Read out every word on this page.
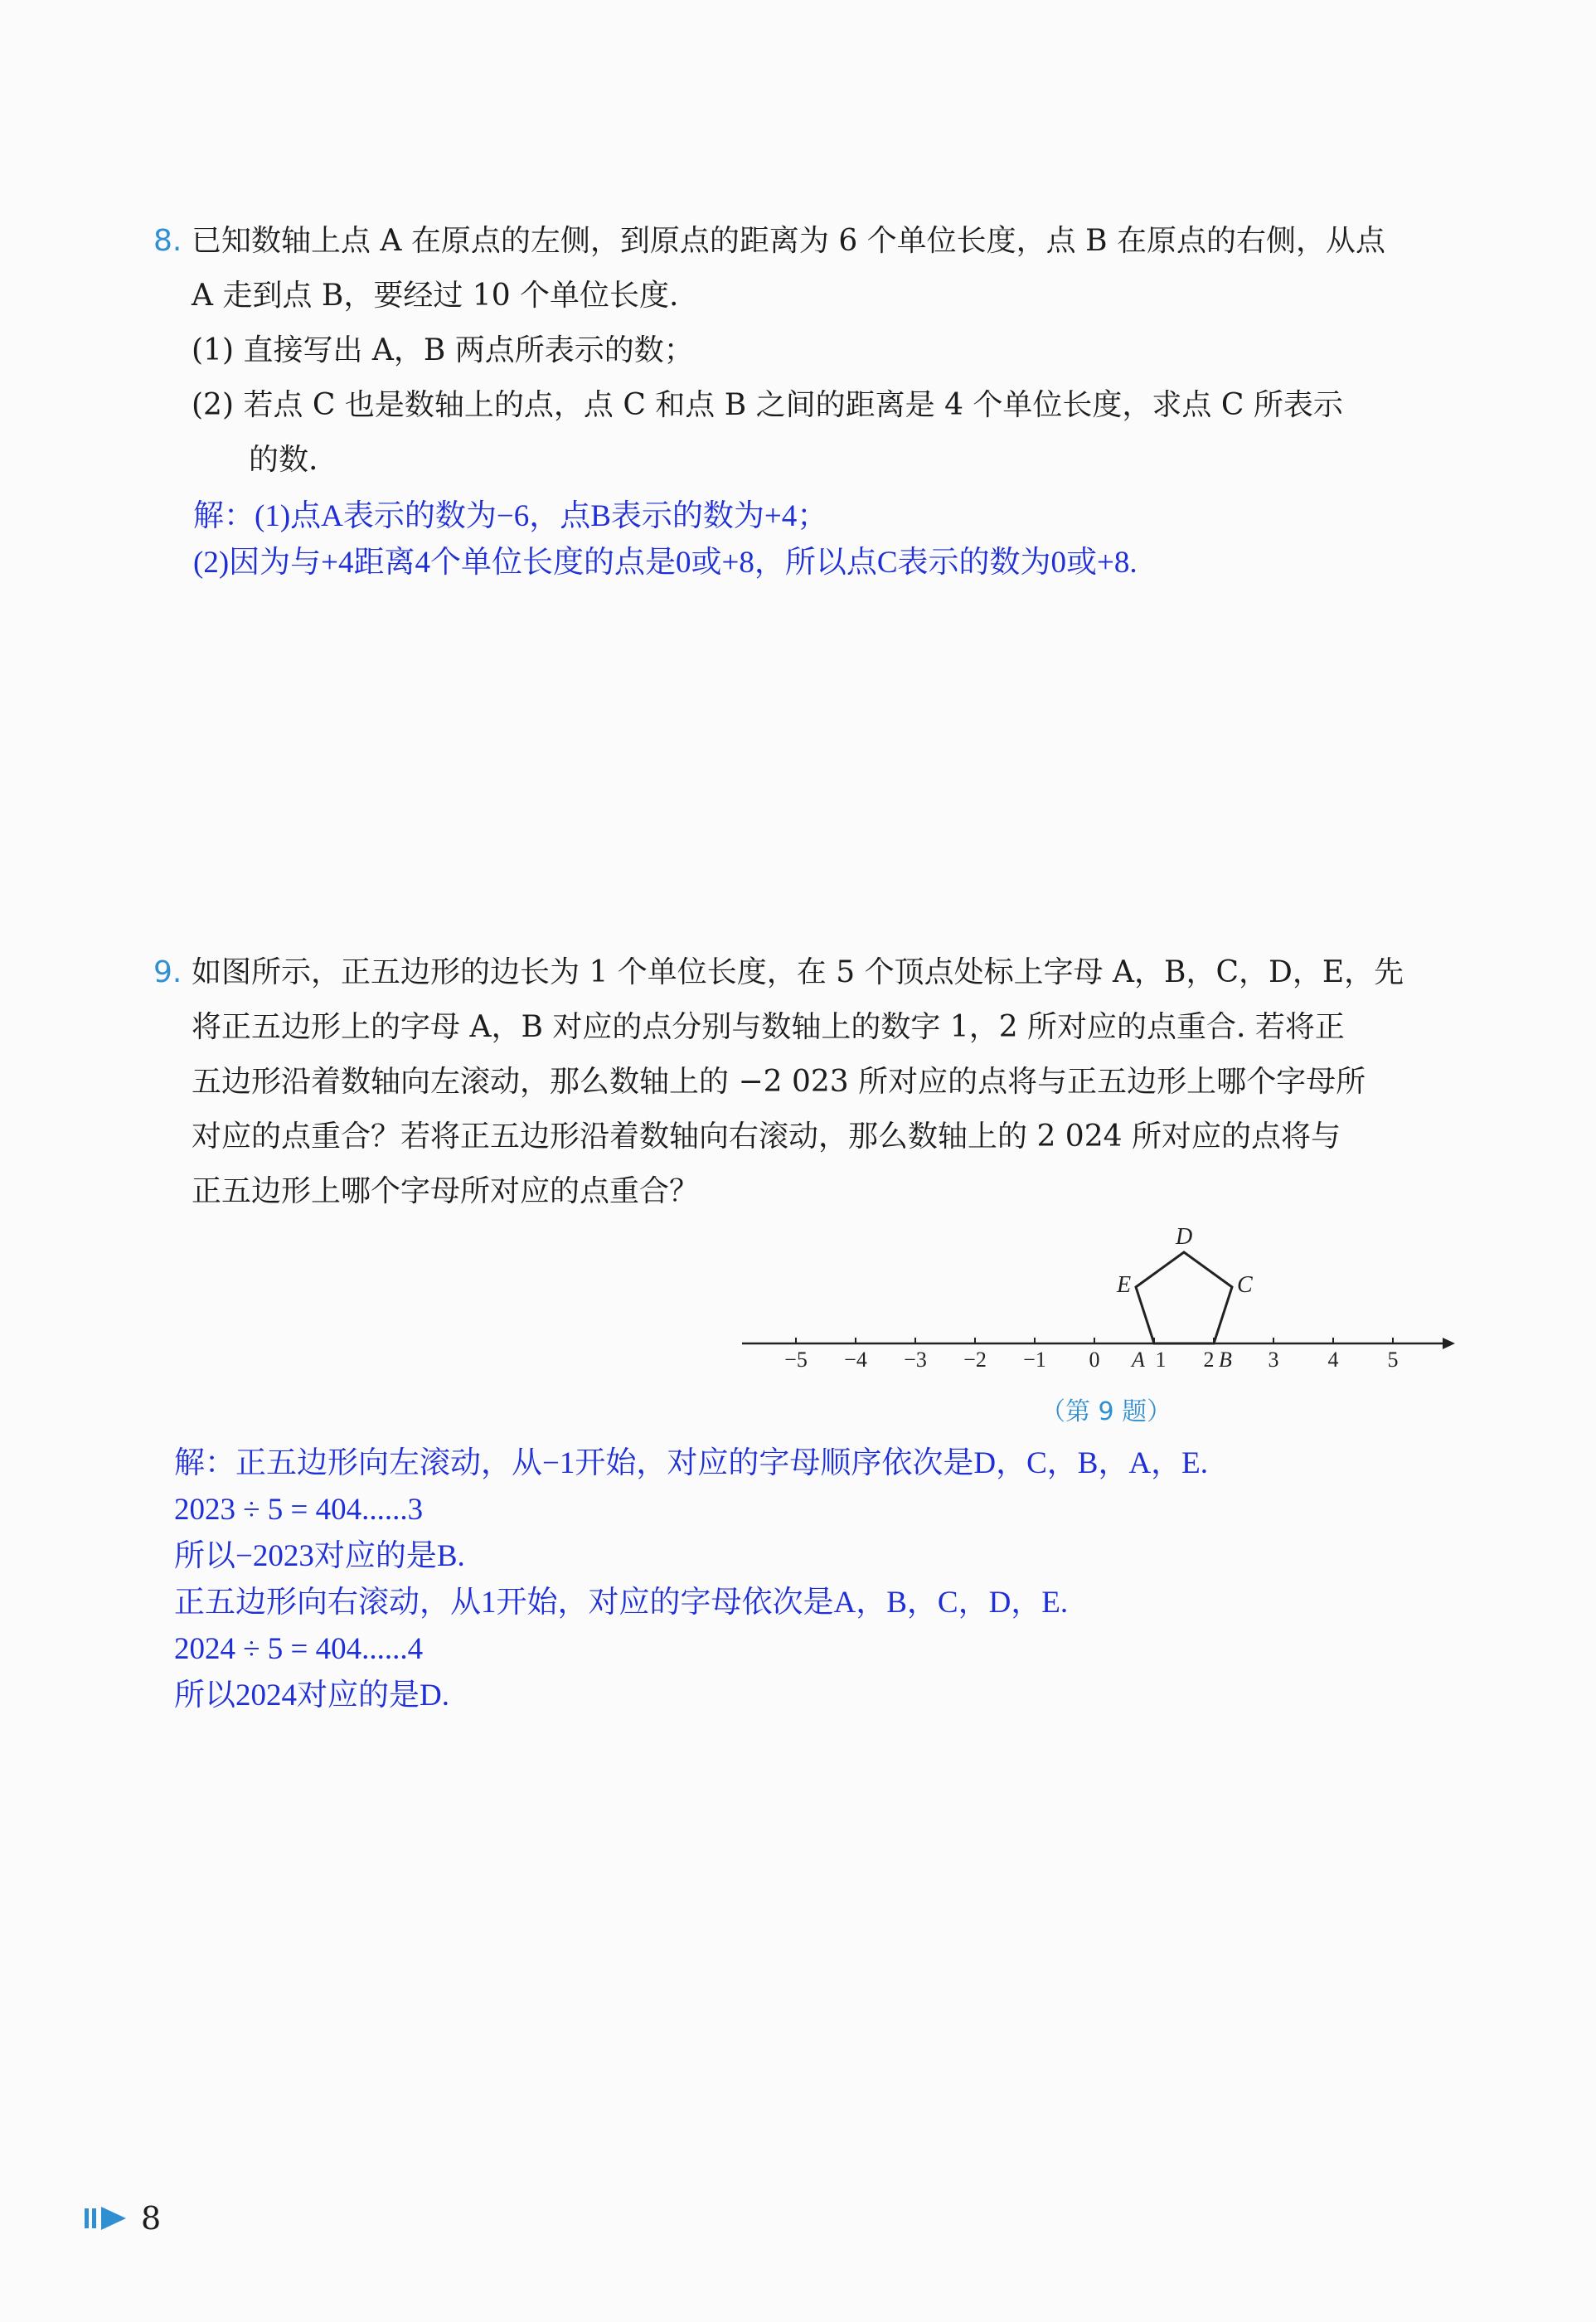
8. 已知数轴上点 A 在原点的左侧，到原点的距离为 6 个单位长度，点 B 在原点的右侧，从点
A 走到点 B，要经过 10 个单位长度.
(1) 直接写出 A，B 两点所表示的数；
(2) 若点 C 也是数轴上的点，点 C 和点 B 之间的距离是 4 个单位长度，求点 C 所表示
的数.
解：(1)点A表示的数为−6，点B表示的数为+4；
(2)因为与+4距离4个单位长度的点是0或+8，所以点C表示的数为0或+8.
9. 如图所示，正五边形的边长为 1 个单位长度，在 5 个顶点处标上字母 A，B，C，D，E，先
将正五边形上的字母 A，B 对应的点分别与数轴上的数字 1，2 所对应的点重合. 若将正
五边形沿着数轴向左滚动，那么数轴上的 −2 023 所对应的点将与正五边形上哪个字母所
对应的点重合？若将正五边形沿着数轴向右滚动，那么数轴上的 2 024 所对应的点将与
正五边形上哪个字母所对应的点重合？
−5 −4 −3 −2 −1 0	1 2	3 4 5
D
C
E
A	B
（第 9 题）
解：正五边形向左滚动，从−1开始，对应的字母顺序依次是D，C，B，A，E.
2023 ÷ 5 = 404......3
所以−2023对应的是B.
正五边形向右滚动，从1开始，对应的字母依次是A，B，C，D，E.
2024 ÷ 5 = 404......4
所以2024对应的是D.
8
